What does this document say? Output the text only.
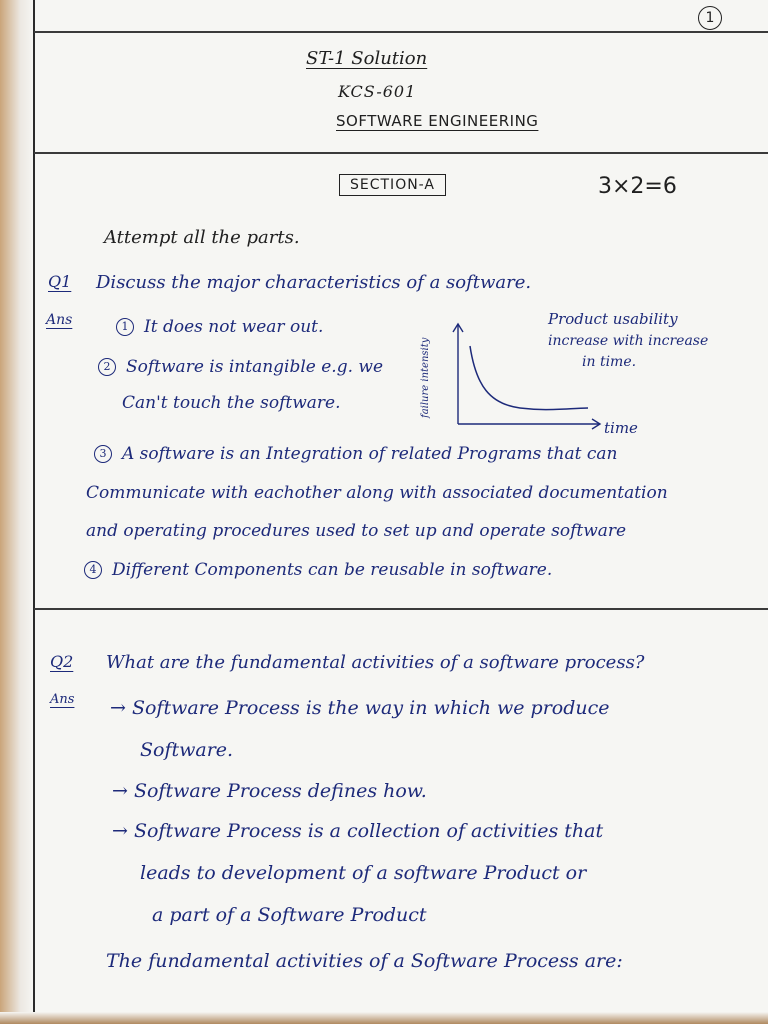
1
ST-1 Solution
KCS-601
SOFTWARE ENGINEERING
SECTION-A	3×2=6
Attempt all the parts.
Q1 Discuss the major characteristics of a software.
Ans	1 It does not wear out.
2 Software is intangible e.g. we
Can't touch the software.	failure intensity
time
Product usability
increase with increase
in time.
3 A software is an Integration of related Programs that can
Communicate with eachother along with associated documentation
and operating procedures used to set up and operate software
4 Different Components can be reusable in software.
Q2 What are the fundamental activities of a software process?
Ans → Software Process is the way in which we produce
Software.
→ Software Process defines how.
→ Software Process is a collection of activities that
leads to development of a software Product or
a part of a Software Product
The fundamental activities of a Software Process are:
